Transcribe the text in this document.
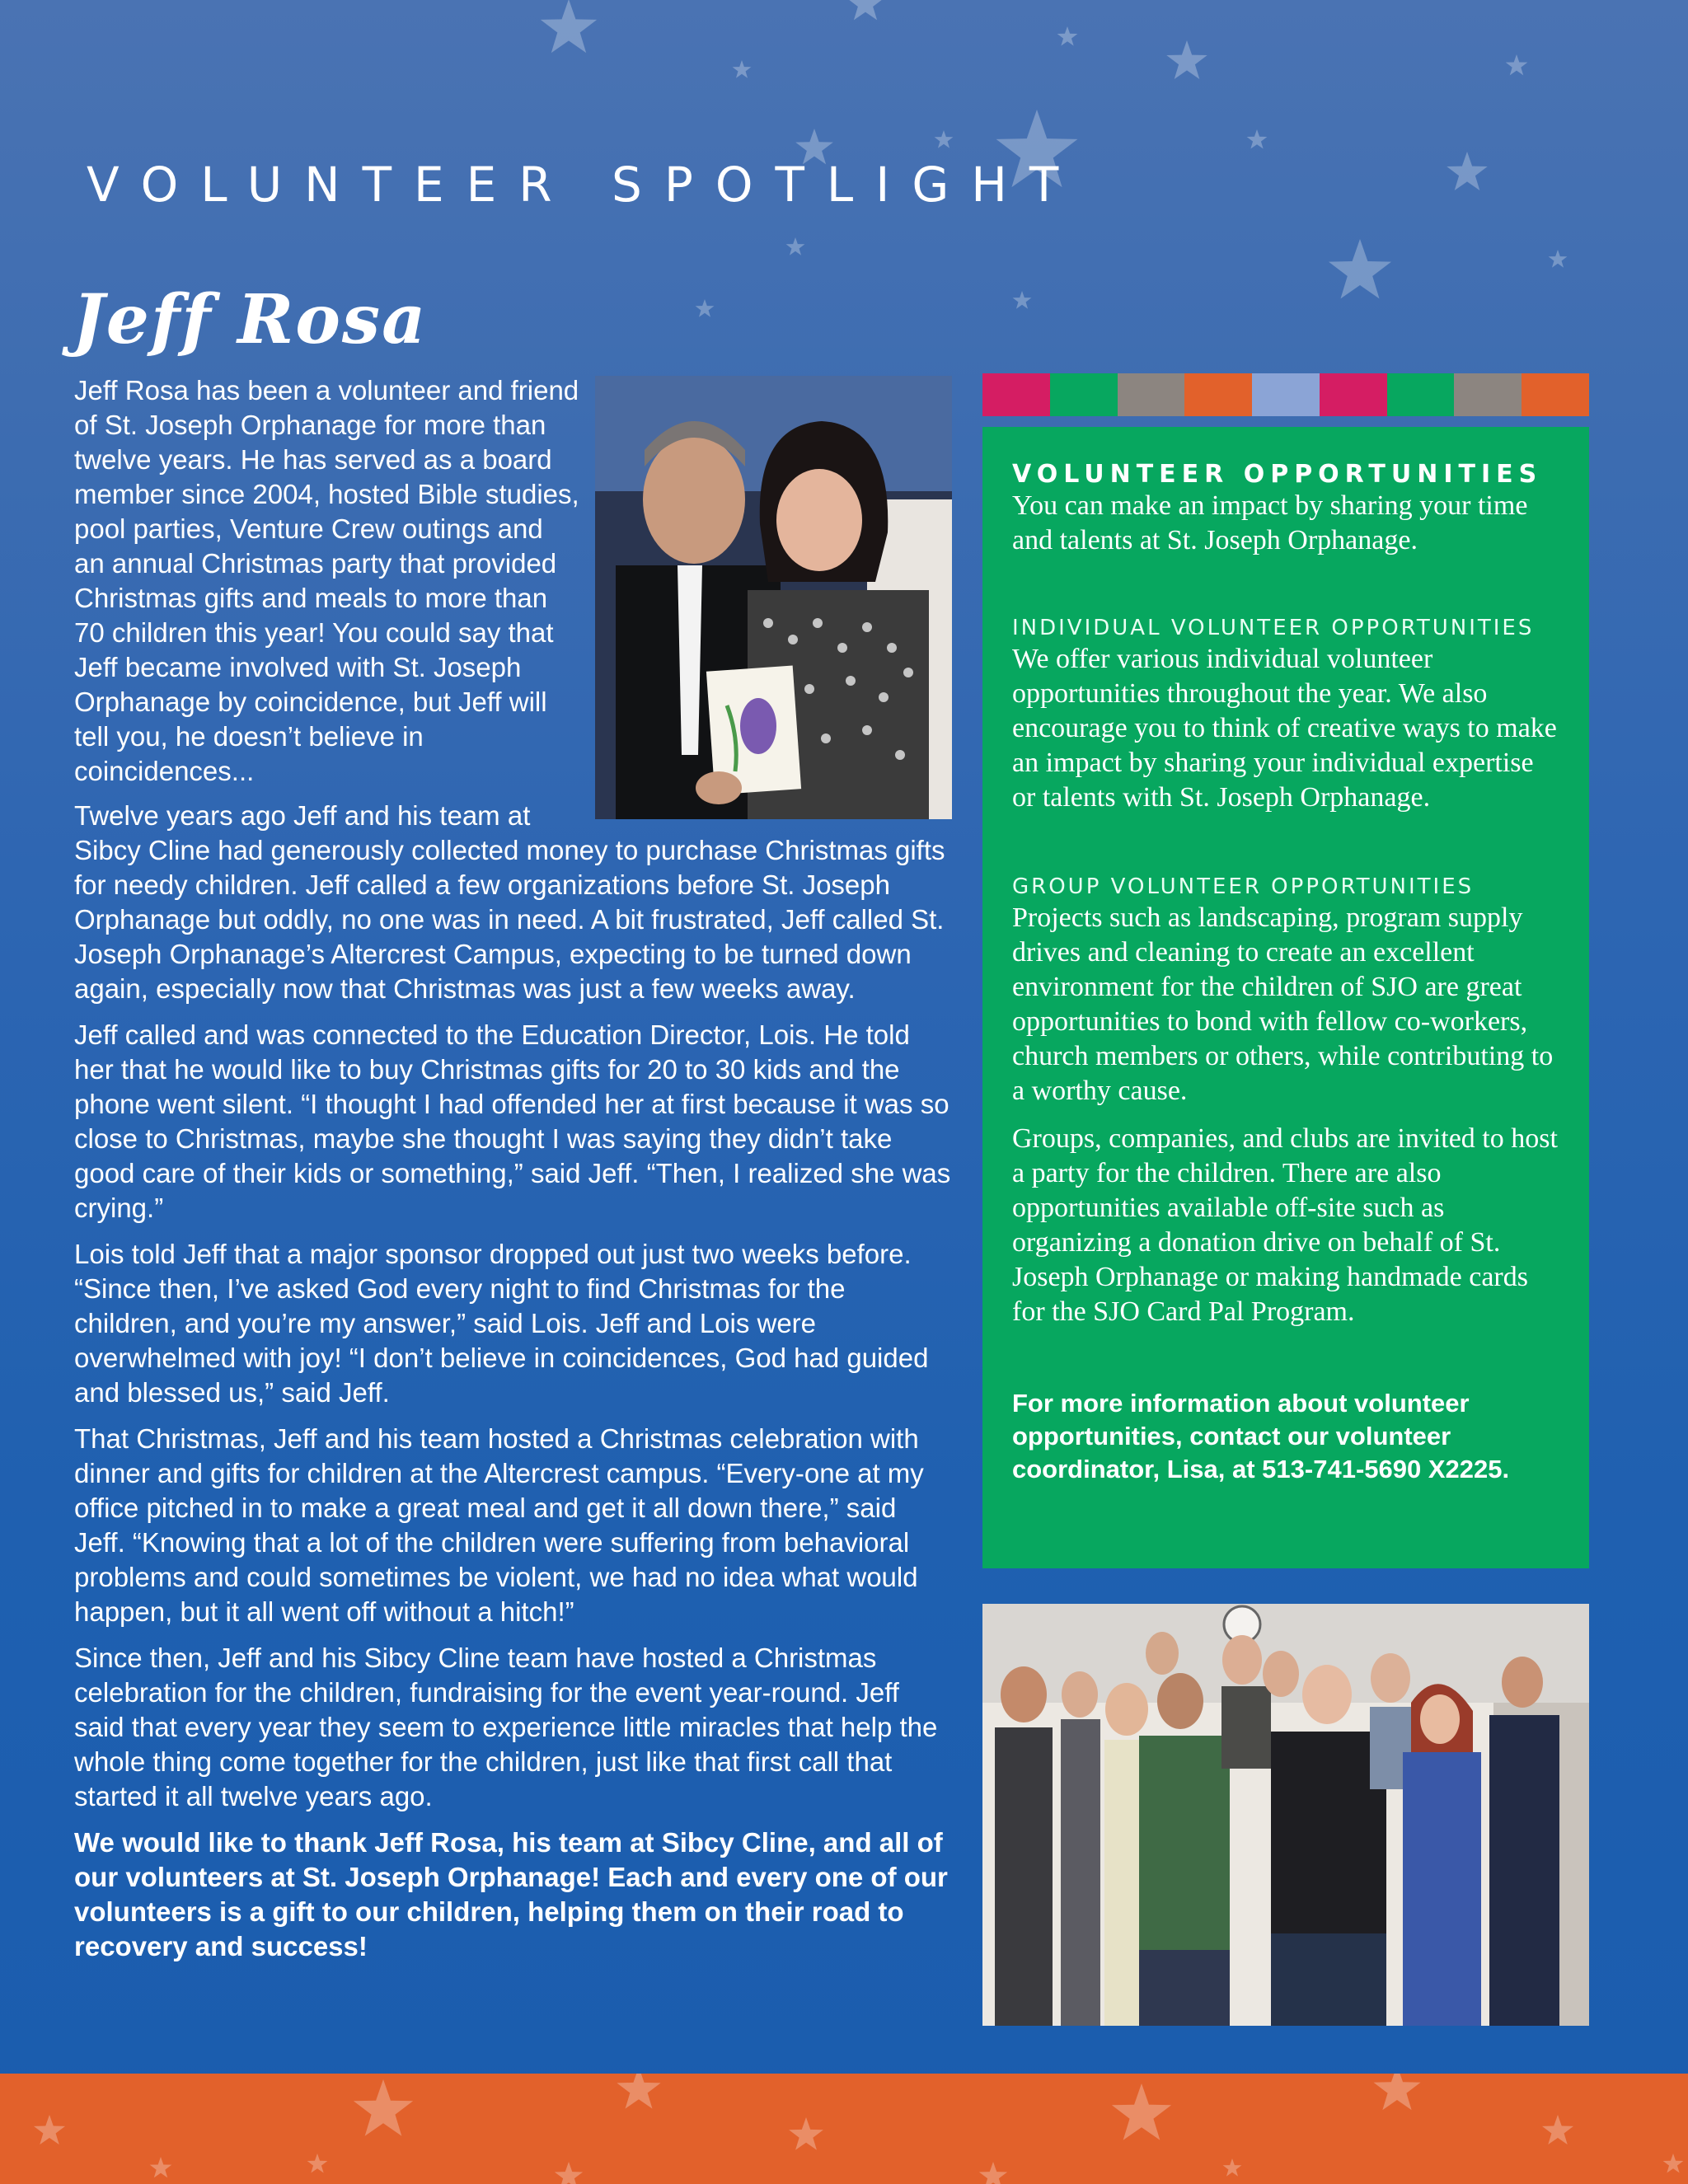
VOLUNTEER SPOTLIGHT
Jeff Rosa

Jeff Rosa has been a volunteer and friend of St. Joseph Orphanage for more than twelve years. He has served as a board member since 2004, hosted Bible studies, pool parties, Venture Crew outings and an annual Christmas party that provided Christmas gifts and meals to more than 70 children this year! You could say that Jeff became involved with St. Joseph Orphanage by coincidence, but Jeff will tell you, he doesn’t believe in coincidences...

Twelve years ago Jeff and his team at Sibcy Cline had generously collected money to purchase Christmas gifts for needy children. Jeff called a few organizations before St. Joseph Orphanage but oddly, no one was in need. A bit frustrated, Jeff called St. Joseph Orphanage’s Altercrest Campus, expecting to be turned down again, especially now that Christmas was just a few weeks away.

Jeff called and was connected to the Education Director, Lois. He told her that he would like to buy Christmas gifts for 20 to 30 kids and the phone went silent. “I thought I had offended her at first because it was so close to Christmas, maybe she thought I was saying they didn’t take good care of their kids or something,” said Jeff. “Then, I realized she was crying.”

Lois told Jeff that a major sponsor dropped out just two weeks before. “Since then, I’ve asked God every night to find Christmas for the children, and you’re my answer,” said Lois. Jeff and Lois were overwhelmed with joy! “I don’t believe in coincidences, God had guided and blessed us,” said Jeff.

That Christmas, Jeff and his team hosted a Christmas celebration with dinner and gifts for children at the Altercrest campus. “Every-one at my office pitched in to make a great meal and get it all down there,” said Jeff. “Knowing that a lot of the children were suffering from behavioral problems and could sometimes be violent, we had no idea what would happen, but it all went off without a hitch!”

Since then, Jeff and his Sibcy Cline team have hosted a Christmas celebration for the children, fundraising for the event year-round. Jeff said that every year they seem to experience little miracles that help the whole thing come together for the children, just like that first call that started it all twelve years ago.

We would like to thank Jeff Rosa, his team at Sibcy Cline, and all of our volunteers at St. Joseph Orphanage! Each and every one of our volunteers is a gift to our children, helping them on their road to recovery and success!

VOLUNTEER OPPORTUNITIES

You can make an impact by sharing your time and talents at St. Joseph Orphanage.

INDIVIDUAL VOLUNTEER OPPORTUNITIES

We offer various individual volunteer opportunities throughout the year. We also encourage you to think of creative ways to make an impact by sharing your individual expertise or talents with St. Joseph Orphanage.

GROUP VOLUNTEER OPPORTUNITIES

Projects such as landscaping, program supply drives and cleaning to create an excellent environment for the children of SJO are great opportunities to bond with fellow co-workers, church members or others, while contributing to a worthy cause.

Groups, companies, and clubs are invited to host a party for the children. There are also opportunities available off-site such as organizing a donation drive on behalf of St. Joseph Orphanage or making handmade cards for the SJO Card Pal Program.

For more information about volunteer opportunities, contact our volunteer coordinator, Lisa, at 513-741-5690 X2225.
